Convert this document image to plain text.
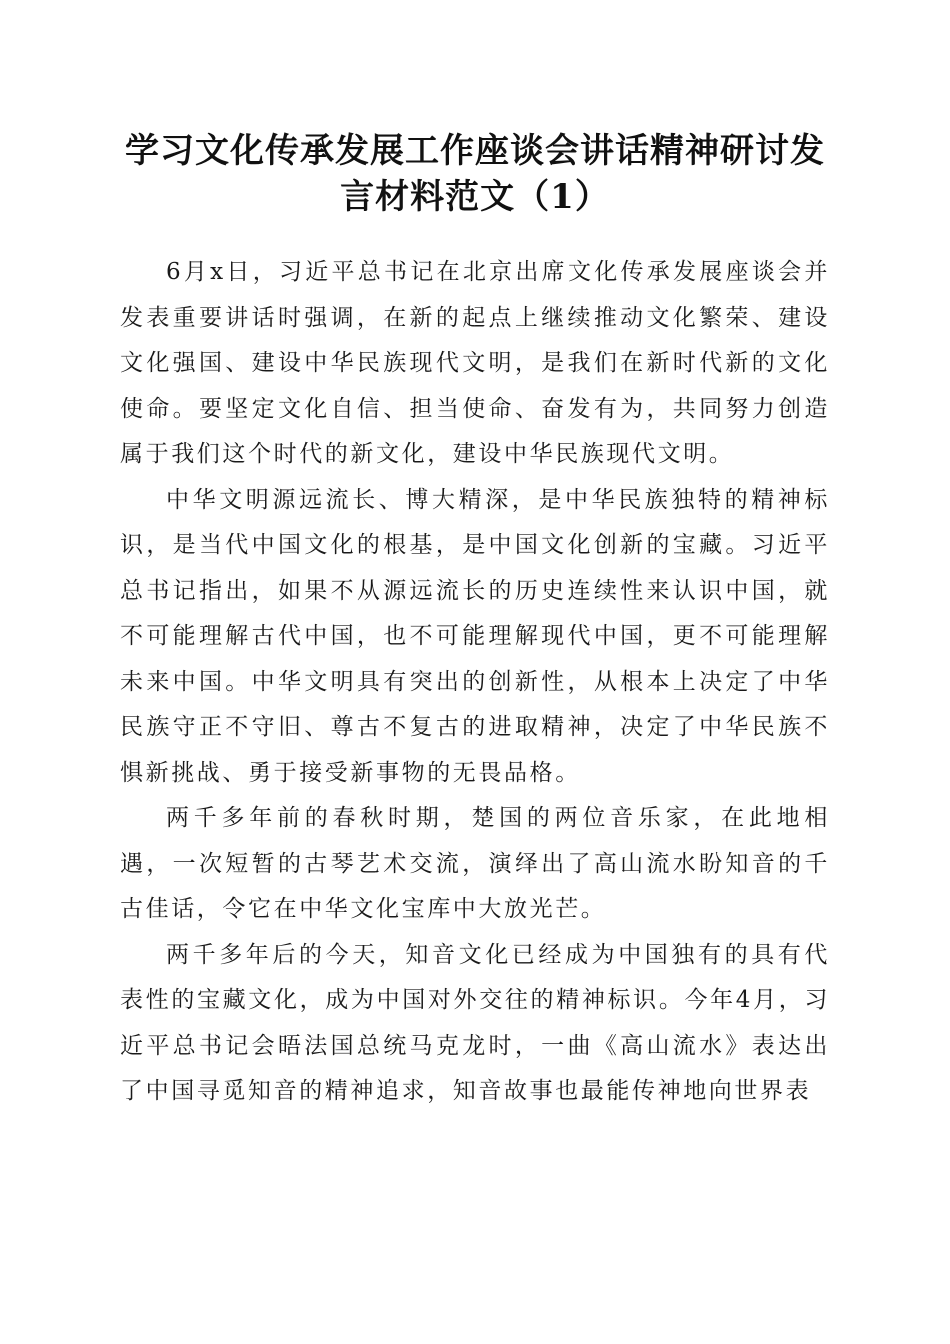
学习文化传承发展工作座谈会讲话精神研讨发
言材料范文（1）

6月x日，习近平总书记在北京出席文化传承发展座谈会并发表重要讲话时强调，在新的起点上继续推动文化繁荣、建设文化强国、建设中华民族现代文明，是我们在新时代新的文化使命。要坚定文化自信、担当使命、奋发有为，共同努力创造属于我们这个时代的新文化，建设中华民族现代文明。

中华文明源远流长、博大精深，是中华民族独特的精神标识，是当代中国文化的根基，是中国文化创新的宝藏。习近平总书记指出，如果不从源远流长的历史连续性来认识中国，就不可能理解古代中国，也不可能理解现代中国，更不可能理解未来中国。中华文明具有突出的创新性，从根本上决定了中华民族守正不守旧、尊古不复古的进取精神，决定了中华民族不惧新挑战、勇于接受新事物的无畏品格。

两千多年前的春秋时期，楚国的两位音乐家，在此地相遇，一次短暂的古琴艺术交流，演绎出了高山流水盼知音的千古佳话，令它在中华文化宝库中大放光芒。

两千多年后的今天，知音文化已经成为中国独有的具有代表性的宝藏文化，成为中国对外交往的精神标识。今年4月，习近平总书记会晤法国总统马克龙时，一曲《高山流水》表达出了中国寻觅知音的精神追求，知音故事也最能传神地向世界表
